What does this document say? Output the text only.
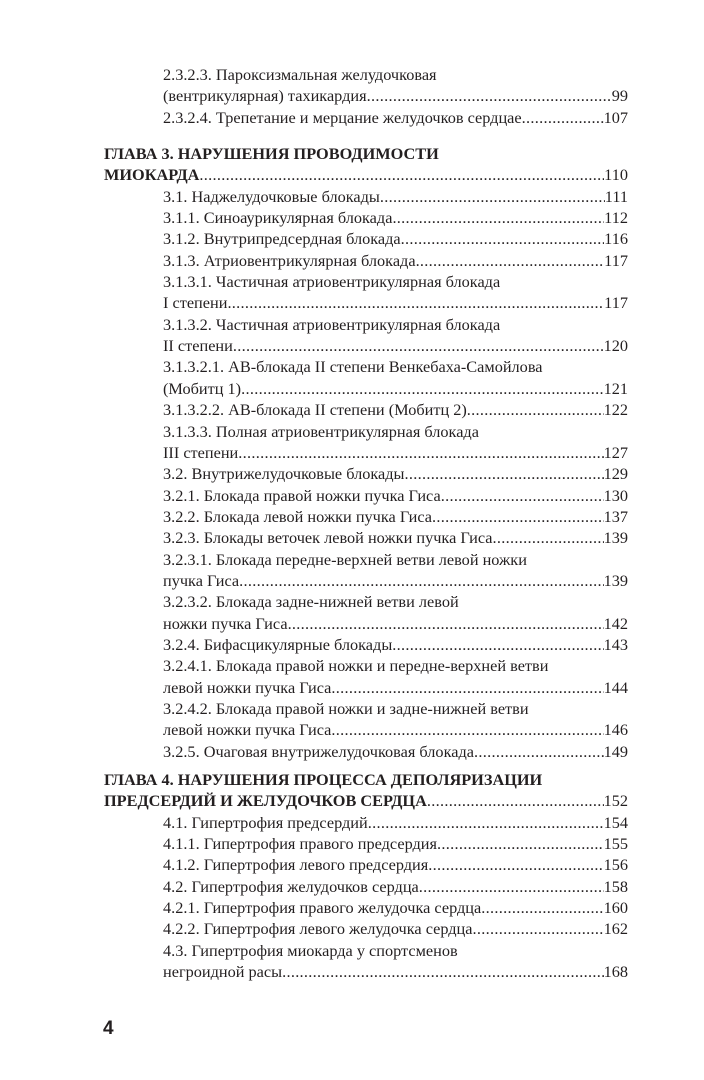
2.3.2.3. Пароксизмальная желудочковая
(вентрикулярная) тахикардия .....	99
2.3.2.4. Трепетание и мерцание желудочков сердцае .....	107
ГЛАВА 3. НАРУШЕНИЯ ПРОВОДИМОСТИ
МИОКАРДА .....	110
3.1. Наджелудочковые блокады .....	111
3.1.1. Синоаурикулярная блокада .....	112
3.1.2. Внутрипредсердная блокада .....	116
3.1.3. Атриовентрикулярная блокада .....	117
3.1.3.1. Частичная атриовентрикулярная блокада
I степени .....	117
3.1.3.2. Частичная атриовентрикулярная блокада
II степени .....	120
3.1.3.2.1. АВ-блокада II степени Венкебаха-Самойлова
(Мобитц 1) .....	121
3.1.3.2.2. АВ-блокада II степени (Мобитц 2) .....	122
3.1.3.3. Полная атриовентрикулярная блокада
III степени .....	127
3.2. Внутрижелудочковые блокады .....	129
3.2.1. Блокада правой ножки пучка Гиса .....	130
3.2.2. Блокада левой ножки пучка Гиса .....	137
3.2.3. Блокады веточек левой ножки пучка Гиса .....	139
3.2.3.1. Блокада передне-верхней ветви левой ножки
пучка Гиса .....	139
3.2.3.2. Блокада задне-нижней ветви левой
ножки пучка Гиса .....	142
3.2.4. Бифасцикулярные блокады .....	143
3.2.4.1. Блокада правой ножки и передне-верхней ветви
левой ножки пучка Гиса .....	144
3.2.4.2. Блокада правой ножки и задне-нижней ветви
левой ножки пучка Гиса .....	146
3.2.5. Очаговая внутрижелудочковая блокада .....	149
ГЛАВА 4. НАРУШЕНИЯ ПРОЦЕССА ДЕПОЛЯРИЗАЦИИ
ПРЕДСЕРДИЙ И ЖЕЛУДОЧКОВ СЕРДЦА .....	152
4.1. Гипертрофия предсердий .....	154
4.1.1. Гипертрофия правого предсердия .....	155
4.1.2. Гипертрофия левого предсердия .....	156
4.2. Гипертрофия желудочков сердца .....	158
4.2.1. Гипертрофия правого желудочка сердца .....	160
4.2.2. Гипертрофия левого желудочка сердца .....	162
4.3. Гипертрофия миокарда у спортсменов
негроидной расы .....	168
4
